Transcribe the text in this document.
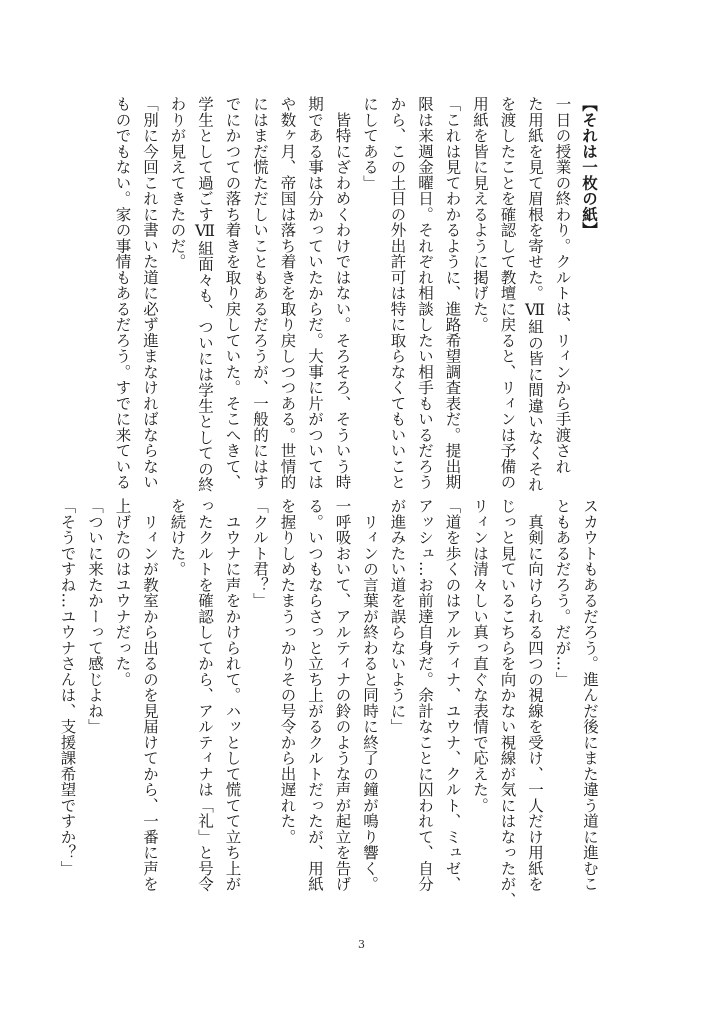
【それは一枚の紙】
一日の授業の終わり。クルトは、リィンから手渡され
た用紙を見て眉根を寄せた。Ⅶ組の皆に間違いなくそれ
を渡したことを確認して教壇に戻ると、リィンは予備の
用紙を皆に見えるように掲げた。
「これは見てわかるように、進路希望調査表だ。提出期
限は来週金曜日。それぞれ相談したい相手もいるだろう
から、この土日の外出許可は特に取らなくてもいいこと
にしてある」
　皆特にざわめくわけではない。そろそろ、そういう時
期である事は分かっていたからだ。大事に片がついては
や数ヶ月、帝国は落ち着きを取り戻しつつある。世情的
にはまだ慌ただしいこともあるだろうが、一般的にはす
でにかつての落ち着きを取り戻していた。そこへきて、
学生として過ごすⅦ組面々も、ついには学生としての終
わりが見えてきたのだ。
「別に今回これに書いた道に必ず進まなければならない
ものでもない。家の事情もあるだろう。すでに来ている
スカウトもあるだろう。進んだ後にまた違う道に進むこ
ともあるだろう。だが…」
　真剣に向けられる四つの視線を受け、一人だけ用紙を
じっと見ているこちらを向かない視線が気にはなったが、
リィンは清々しい真っ直ぐな表情で応えた。
「道を歩くのはアルティナ、ユウナ、クルト、ミュゼ、
アッシュ…お前達自身だ。余計なことに囚われて、自分
が進みたい道を誤らないように」
　リィンの言葉が終わると同時に終了の鐘が鳴り響く。
一呼吸おいて、アルティナの鈴のような声が起立を告げ
る。いつもならさっと立ち上がるクルトだったが、用紙
を握りしめたまうっかりその号令から出遅れた。
「クルト君？」
　ユウナに声をかけられて。ハッとして慌てて立ち上が
ったクルトを確認してから、アルティナは「礼」と号令
を続けた。
　リィンが教室から出るのを見届けてから、一番に声を
上げたのはユウナだった。
「ついに来たかーって感じよね」
「そうですね…ユウナさんは、支援課希望ですか？」
3
